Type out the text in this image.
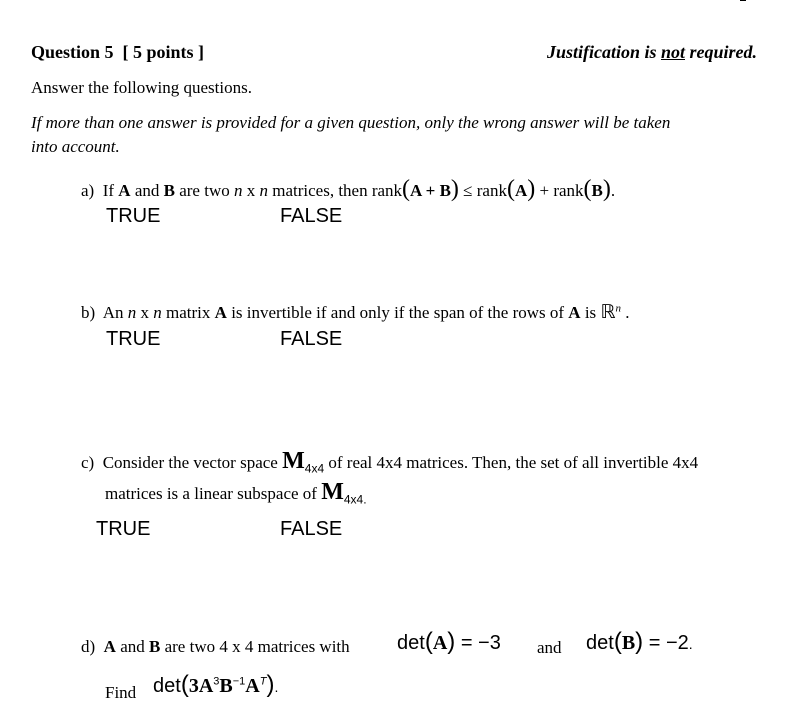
Question 5 [ 5 points ]	Justification is not required.
Answer the following questions.
If more than one answer is provided for a given question, only the wrong answer will be taken
into account.
a) If A and B are two n x n matrices, then rank(A + B) ≤ rank(A) + rank(B).
TRUE	FALSE
b) An n x n matrix A is invertible if and only if the span of the rows of A is ℝ$^n$ .
TRUE	FALSE
c) Consider the vector space $M_{4x4}$ of real 4x4 matrices. Then, the set of all invertible 4x4
matrices is a linear subspace of $M_{4x4.}$
TRUE	FALSE
d) A and B are two 4 x 4 matrices with det(A) = −3 and det(B) = −2.
Find $\det(3A^3B^{-1}A^T)$.
